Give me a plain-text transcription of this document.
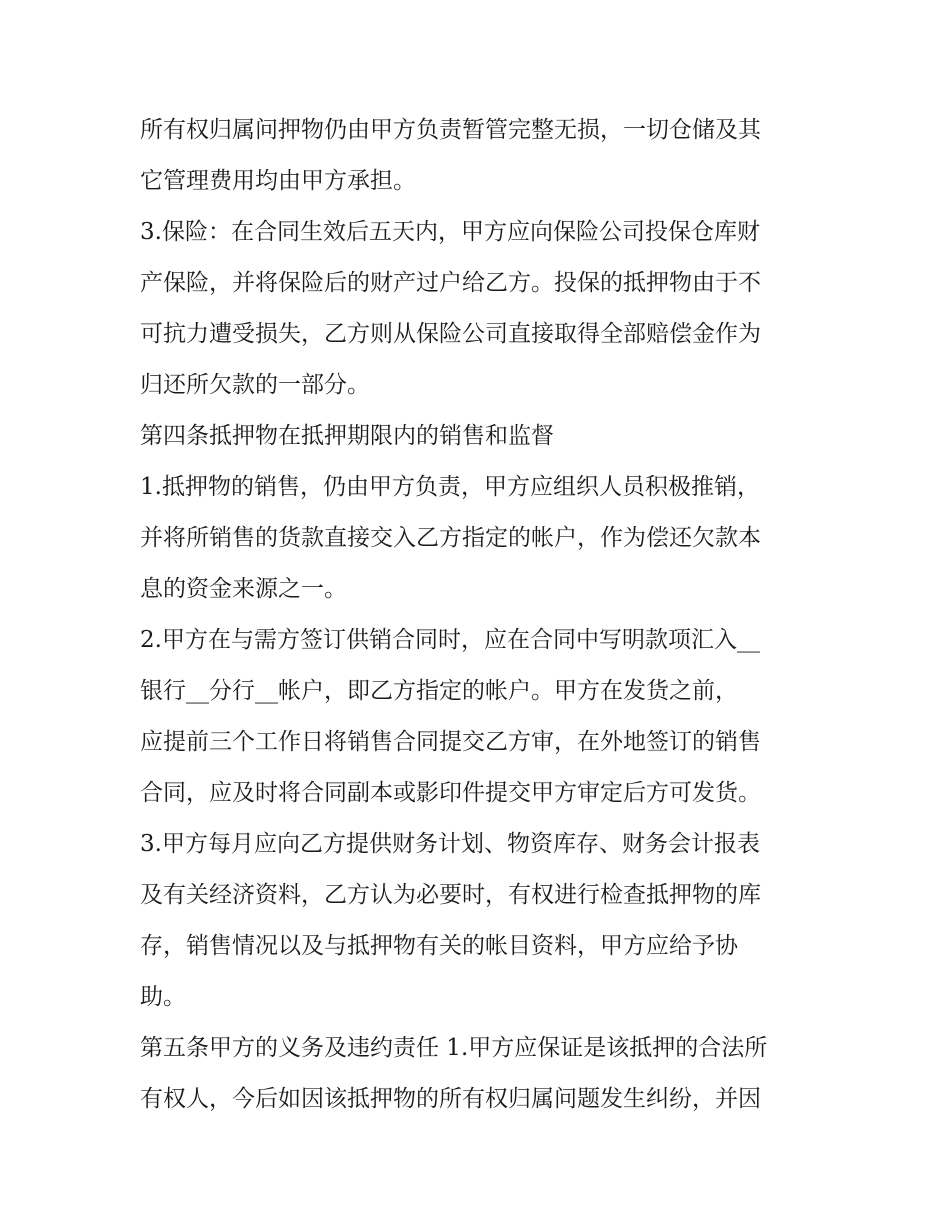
所有权归属问押物仍由甲方负责暂管完整无损，一切仓储及其
它管理费用均由甲方承担。
3.保险：在合同生效后五天内，甲方应向保险公司投保仓库财
产保险，并将保险后的财产过户给乙方。投保的抵押物由于不
可抗力遭受损失，乙方则从保险公司直接取得全部赔偿金作为
归还所欠款的一部分。
第四条抵押物在抵押期限内的销售和监督
1.抵押物的销售，仍由甲方负责，甲方应组织人员积极推销，
并将所销售的货款直接交入乙方指定的帐户，作为偿还欠款本
息的资金来源之一。
2.甲方在与需方签订供销合同时，应在合同中写明款项汇入__
银行__分行__帐户，即乙方指定的帐户。甲方在发货之前，
应提前三个工作日将销售合同提交乙方审，在外地签订的销售
合同，应及时将合同副本或影印件提交甲方审定后方可发货。
3.甲方每月应向乙方提供财务计划、物资库存、财务会计报表
及有关经济资料，乙方认为必要时，有权进行检查抵押物的库
存，销售情况以及与抵押物有关的帐目资料，甲方应给予协
助。
第五条甲方的义务及违约责任 1.甲方应保证是该抵押的合法所
有权人，今后如因该抵押物的所有权归属问题发生纠纷，并因
